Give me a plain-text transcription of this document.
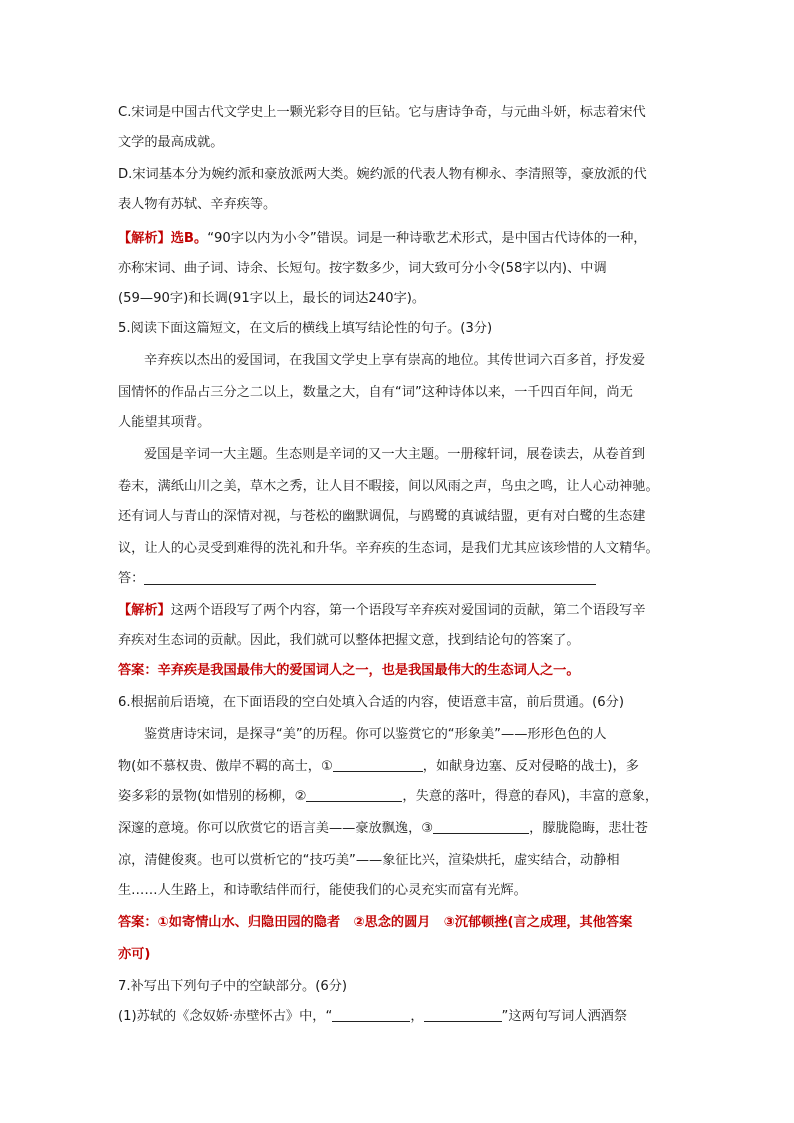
C.宋词是中国古代文学史上一颗光彩夺目的巨钻。它与唐诗争奇，与元曲斗妍，标志着宋代
文学的最高成就。
D.宋词基本分为婉约派和豪放派两大类。婉约派的代表人物有柳永、李清照等，豪放派的代
表人物有苏轼、辛弃疾等。
【解析】选B。“90字以内为小令”错误。词是一种诗歌艺术形式，是中国古代诗体的一种，
亦称宋词、曲子词、诗余、长短句。按字数多少，词大致可分小令(58字以内)、中调
(59—90字)和长调(91字以上，最长的词达240字)。
5.阅读下面这篇短文，在文后的横线上填写结论性的句子。(3分)
辛弃疾以杰出的爱国词，在我国文学史上享有崇高的地位。其传世词六百多首，抒发爱
国情怀的作品占三分之二以上，数量之大，自有“词”这种诗体以来，一千四百年间，尚无
人能望其项背。
爱国是辛词一大主题。生态则是辛词的又一大主题。一册稼轩词，展卷读去，从卷首到
卷末，满纸山川之美，草木之秀，让人目不暇接，间以风雨之声，鸟虫之鸣，让人心动神驰。
还有词人与青山的深情对视，与苍松的幽默调侃，与鸥鹭的真诚结盟，更有对白鹭的生态建
议，让人的心灵受到难得的洗礼和升华。辛弃疾的生态词，是我们尤其应该珍惜的人文精华。
答：
【解析】这两个语段写了两个内容，第一个语段写辛弃疾对爱国词的贡献，第二个语段写辛
弃疾对生态词的贡献。因此，我们就可以整体把握文意，找到结论句的答案了。
答案：辛弃疾是我国最伟大的爱国词人之一，也是我国最伟大的生态词人之一。
6.根据前后语境，在下面语段的空白处填入合适的内容，使语意丰富，前后贯通。(6分)
鉴赏唐诗宋词，是探寻“美”的历程。你可以鉴赏它的“形象美”——形形色色的人
物(如不慕权贵、傲岸不羁的高士，①	，如献身边塞、反对侵略的战士)，多
姿多彩的景物(如惜别的杨柳，②	，失意的落叶，得意的春风)，丰富的意象，
深邃的意境。你可以欣赏它的语言美——豪放飘逸，③	，朦胧隐晦，悲壮苍
凉，清健俊爽。也可以赏析它的“技巧美”——象征比兴，渲染烘托，虚实结合，动静相
生……人生路上，和诗歌结伴而行，能使我们的心灵充实而富有光辉。
答案：①如寄情山水、归隐田园的隐者　②思念的圆月　③沉郁顿挫(言之成理，其他答案
亦可)
7.补写出下列句子中的空缺部分。(6分)
(1)苏轼的《念奴娇·赤壁怀古》中，“	，	”这两句写词人洒酒祭
